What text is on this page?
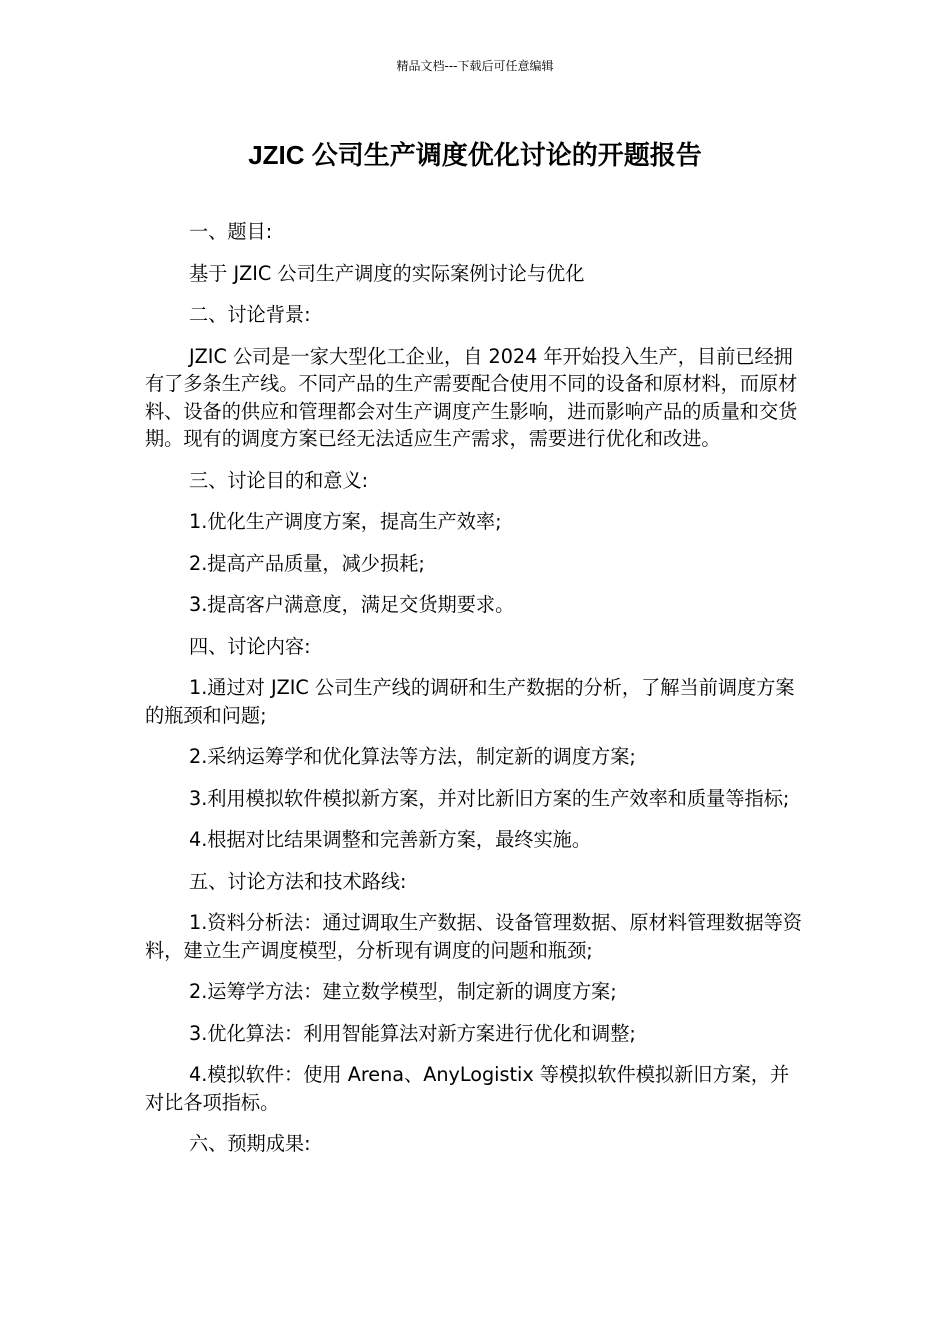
精品文档---下载后可任意编辑
JZIC 公司生产调度优化讨论的开题报告

一、题目:

基于 JZIC 公司生产调度的实际案例讨论与优化

二、讨论背景:

JZIC 公司是一家大型化工企业，自 2024 年开始投入生产，目前已经拥有了多条生产线。不同产品的生产需要配合使用不同的设备和原材料，而原材料、设备的供应和管理都会对生产调度产生影响，进而影响产品的质量和交货期。现有的调度方案已经无法适应生产需求，需要进行优化和改进。

三、讨论目的和意义:

1.优化生产调度方案，提高生产效率;

2.提高产品质量，减少损耗;

3.提高客户满意度，满足交货期要求。

四、讨论内容:

1.通过对 JZIC 公司生产线的调研和生产数据的分析，了解当前调度方案的瓶颈和问题;

2.采纳运筹学和优化算法等方法，制定新的调度方案;

3.利用模拟软件模拟新方案，并对比新旧方案的生产效率和质量等指标;

4.根据对比结果调整和完善新方案，最终实施。

五、讨论方法和技术路线:

1.资料分析法：通过调取生产数据、设备管理数据、原材料管理数据等资料，建立生产调度模型，分析现有调度的问题和瓶颈;

2.运筹学方法：建立数学模型，制定新的调度方案;

3.优化算法：利用智能算法对新方案进行优化和调整;

4.模拟软件：使用 Arena、AnyLogistix 等模拟软件模拟新旧方案，并对比各项指标。

六、预期成果:
